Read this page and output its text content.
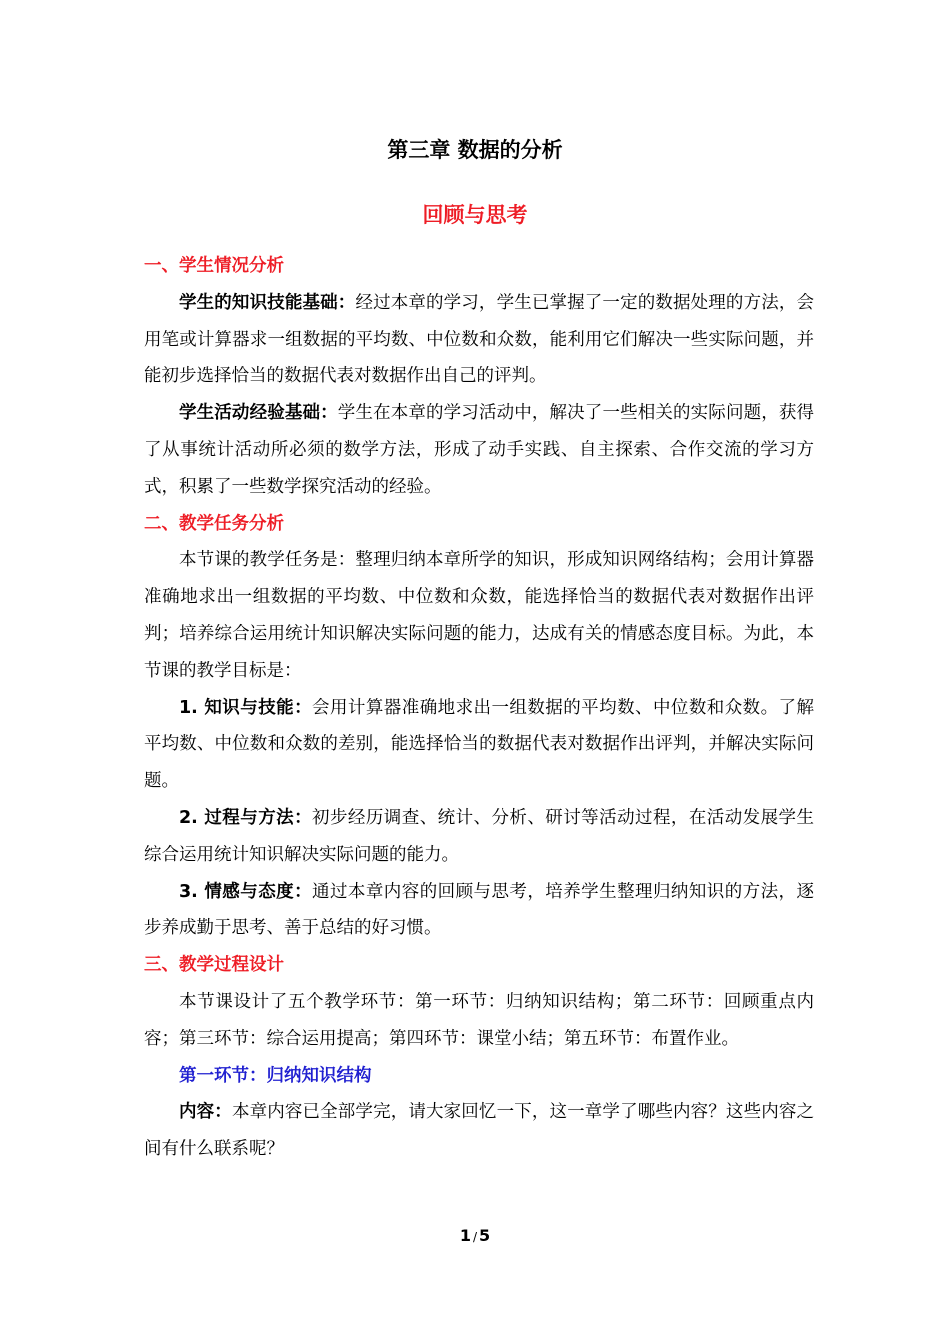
第三章 数据的分析
回顾与思考
一、学生情况分析

学生的知识技能基础：经过本章的学习，学生已掌握了一定的数据处理的方法，会用笔或计算器求一组数据的平均数、中位数和众数，能利用它们解决一些实际问题，并能初步选择恰当的数据代表对数据作出自己的评判。

学生活动经验基础：学生在本章的学习活动中，解决了一些相关的实际问题，获得了从事统计活动所必须的数学方法，形成了动手实践、自主探索、合作交流的学习方式，积累了一些数学探究活动的经验。

二、教学任务分析

本节课的教学任务是：整理归纳本章所学的知识，形成知识网络结构；会用计算器准确地求出一组数据的平均数、中位数和众数，能选择恰当的数据代表对数据作出评判；培养综合运用统计知识解决实际问题的能力，达成有关的情感态度目标。为此，本节课的教学目标是：

1. 知识与技能：会用计算器准确地求出一组数据的平均数、中位数和众数。了解平均数、中位数和众数的差别，能选择恰当的数据代表对数据作出评判，并解决实际问题。

2. 过程与方法：初步经历调查、统计、分析、研讨等活动过程，在活动发展学生综合运用统计知识解决实际问题的能力。

3. 情感与态度：通过本章内容的回顾与思考，培养学生整理归纳知识的方法，逐步养成勤于思考、善于总结的好习惯。

三、教学过程设计

本节课设计了五个教学环节：第一环节：归纳知识结构；第二环节：回顾重点内容；第三环节：综合运用提高；第四环节：课堂小结；第五环节：布置作业。

第一环节：归纳知识结构

内容：本章内容已全部学完，请大家回忆一下，这一章学了哪些内容？这些内容之间有什么联系呢？

1 / 5
